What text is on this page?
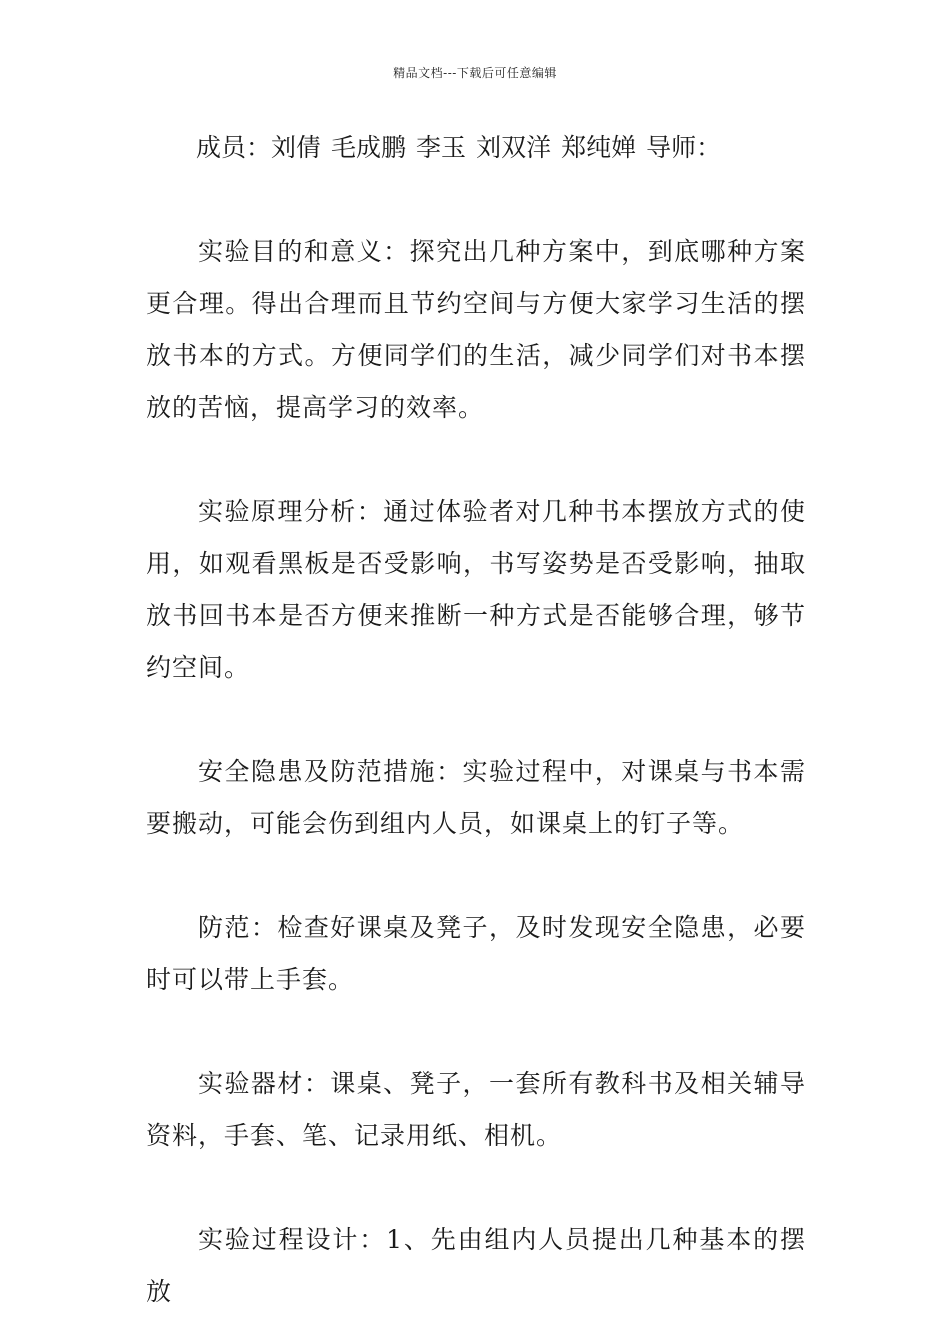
精品文档---下载后可任意编辑

成员：刘倩 毛成鹏 李玉 刘双洋 郑纯婵 导师：

实验目的和意义：探究出几种方案中，到底哪种方案更合理。得出合理而且节约空间与方便大家学习生活的摆放书本的方式。方便同学们的生活，减少同学们对书本摆放的苦恼，提高学习的效率。

实验原理分析：通过体验者对几种书本摆放方式的使用，如观看黑板是否受影响，书写姿势是否受影响，抽取放书回书本是否方便来推断一种方式是否能够合理，够节约空间。

安全隐患及防范措施：实验过程中，对课桌与书本需要搬动，可能会伤到组内人员，如课桌上的钉子等。

防范：检查好课桌及凳子，及时发现安全隐患，必要时可以带上手套。

实验器材：课桌、凳子，一套所有教科书及相关辅导资料，手套、笔、记录用纸、相机。

实验过程设计：1、先由组内人员提出几种基本的摆放
